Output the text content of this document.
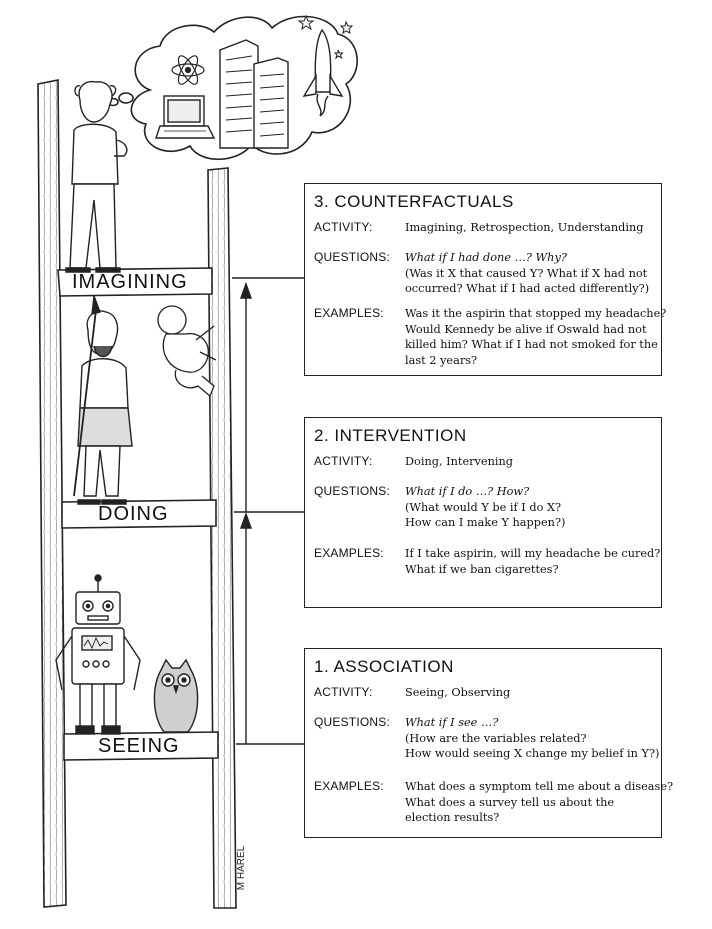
M HAREL
IMAGINING
DOING
SEEING
3. COUNTERFACTUALS
ACTIVITY:	Imagining, Retrospection, Understanding
QUESTIONS: What if I had done …? Why?
(Was it X that caused Y? What if X had not
occurred? What if I had acted differently?)
EXAMPLES: Was it the aspirin that stopped my headache?
Would Kennedy be alive if Oswald had not
killed him? What if I had not smoked for the
last 2 years?
2. INTERVENTION
ACTIVITY:	Doing, Intervening
QUESTIONS: What if I do …? How?
(What would Y be if I do X?
How can I make Y happen?)
EXAMPLES: If I take aspirin, will my headache be cured?
What if we ban cigarettes?
1. ASSOCIATION
ACTIVITY:	Seeing, Observing
QUESTIONS: What if I see …?
(How are the variables related?
How would seeing X change my belief in Y?)
EXAMPLES: What does a symptom tell me about a disease?
What does a survey tell us about the
election results?
